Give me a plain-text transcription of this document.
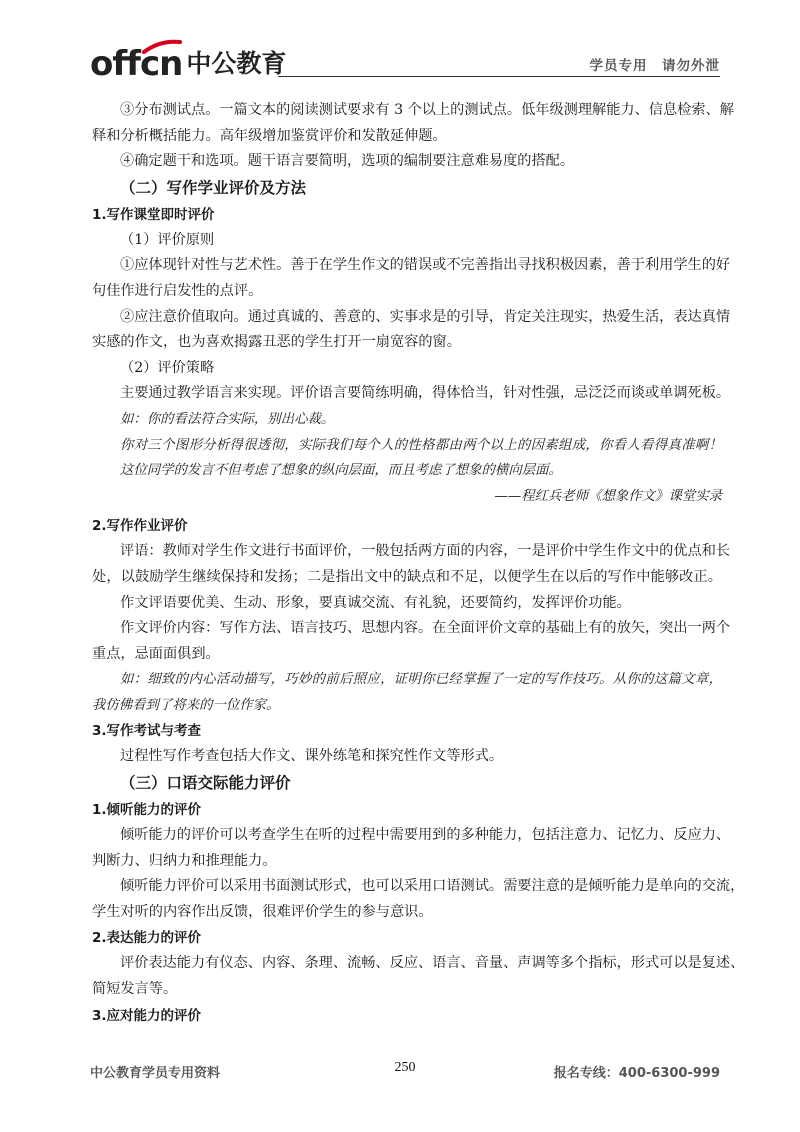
offcn 中公教育	学员专用　请勿外泄

③分布测试点。一篇文本的阅读测试要求有 3 个以上的测试点。低年级测理解能力、信息检索、解

释和分析概括能力。高年级增加鉴赏评价和发散延伸题。

④确定题干和选项。题干语言要简明，选项的编制要注意难易度的搭配。

（二）写作学业评价及方法

1.写作课堂即时评价

（1）评价原则

①应体现针对性与艺术性。善于在学生作文的错误或不完善指出寻找积极因素，善于利用学生的好

句佳作进行启发性的点评。

②应注意价值取向。通过真诚的、善意的、实事求是的引导，肯定关注现实，热爱生活，表达真情

实感的作文，也为喜欢揭露丑恶的学生打开一扇宽容的窗。

（2）评价策略

主要通过教学语言来实现。评价语言要简练明确，得体恰当，针对性强，忌泛泛而谈或单调死板。

如：你的看法符合实际，别出心裁。

你对三个图形分析得很透彻，实际我们每个人的性格都由两个以上的因素组成，你看人看得真准啊！

这位同学的发言不但考虑了想象的纵向层面，而且考虑了想象的横向层面。

——程红兵老师《想象作文》课堂实录

2.写作作业评价

评语：教师对学生作文进行书面评价，一般包括两方面的内容，一是评价中学生作文中的优点和长

处，以鼓励学生继续保持和发扬；二是指出文中的缺点和不足，以便学生在以后的写作中能够改正。

作文评语要优美、生动、形象，要真诚交流、有礼貌，还要简约，发挥评价功能。

作文评价内容：写作方法、语言技巧、思想内容。在全面评价文章的基础上有的放矢，突出一两个

重点，忌面面俱到。

如：细致的内心活动描写，巧妙的前后照应，证明你已经掌握了一定的写作技巧。从你的这篇文章，

我仿佛看到了将来的一位作家。

3.写作考试与考查

过程性写作考查包括大作文、课外练笔和探究性作文等形式。

（三）口语交际能力评价

1.倾听能力的评价

倾听能力的评价可以考查学生在听的过程中需要用到的多种能力，包括注意力、记忆力、反应力、

判断力、归纳力和推理能力。

倾听能力评价可以采用书面测试形式，也可以采用口语测试。需要注意的是倾听能力是单向的交流，

学生对听的内容作出反馈，很难评价学生的参与意识。

2.表达能力的评价

评价表达能力有仪态、内容、条理、流畅、反应、语言、音量、声调等多个指标，形式可以是复述、

简短发言等。

3.应对能力的评价

中公教育学员专用资料	250	报名专线：400-6300-999
